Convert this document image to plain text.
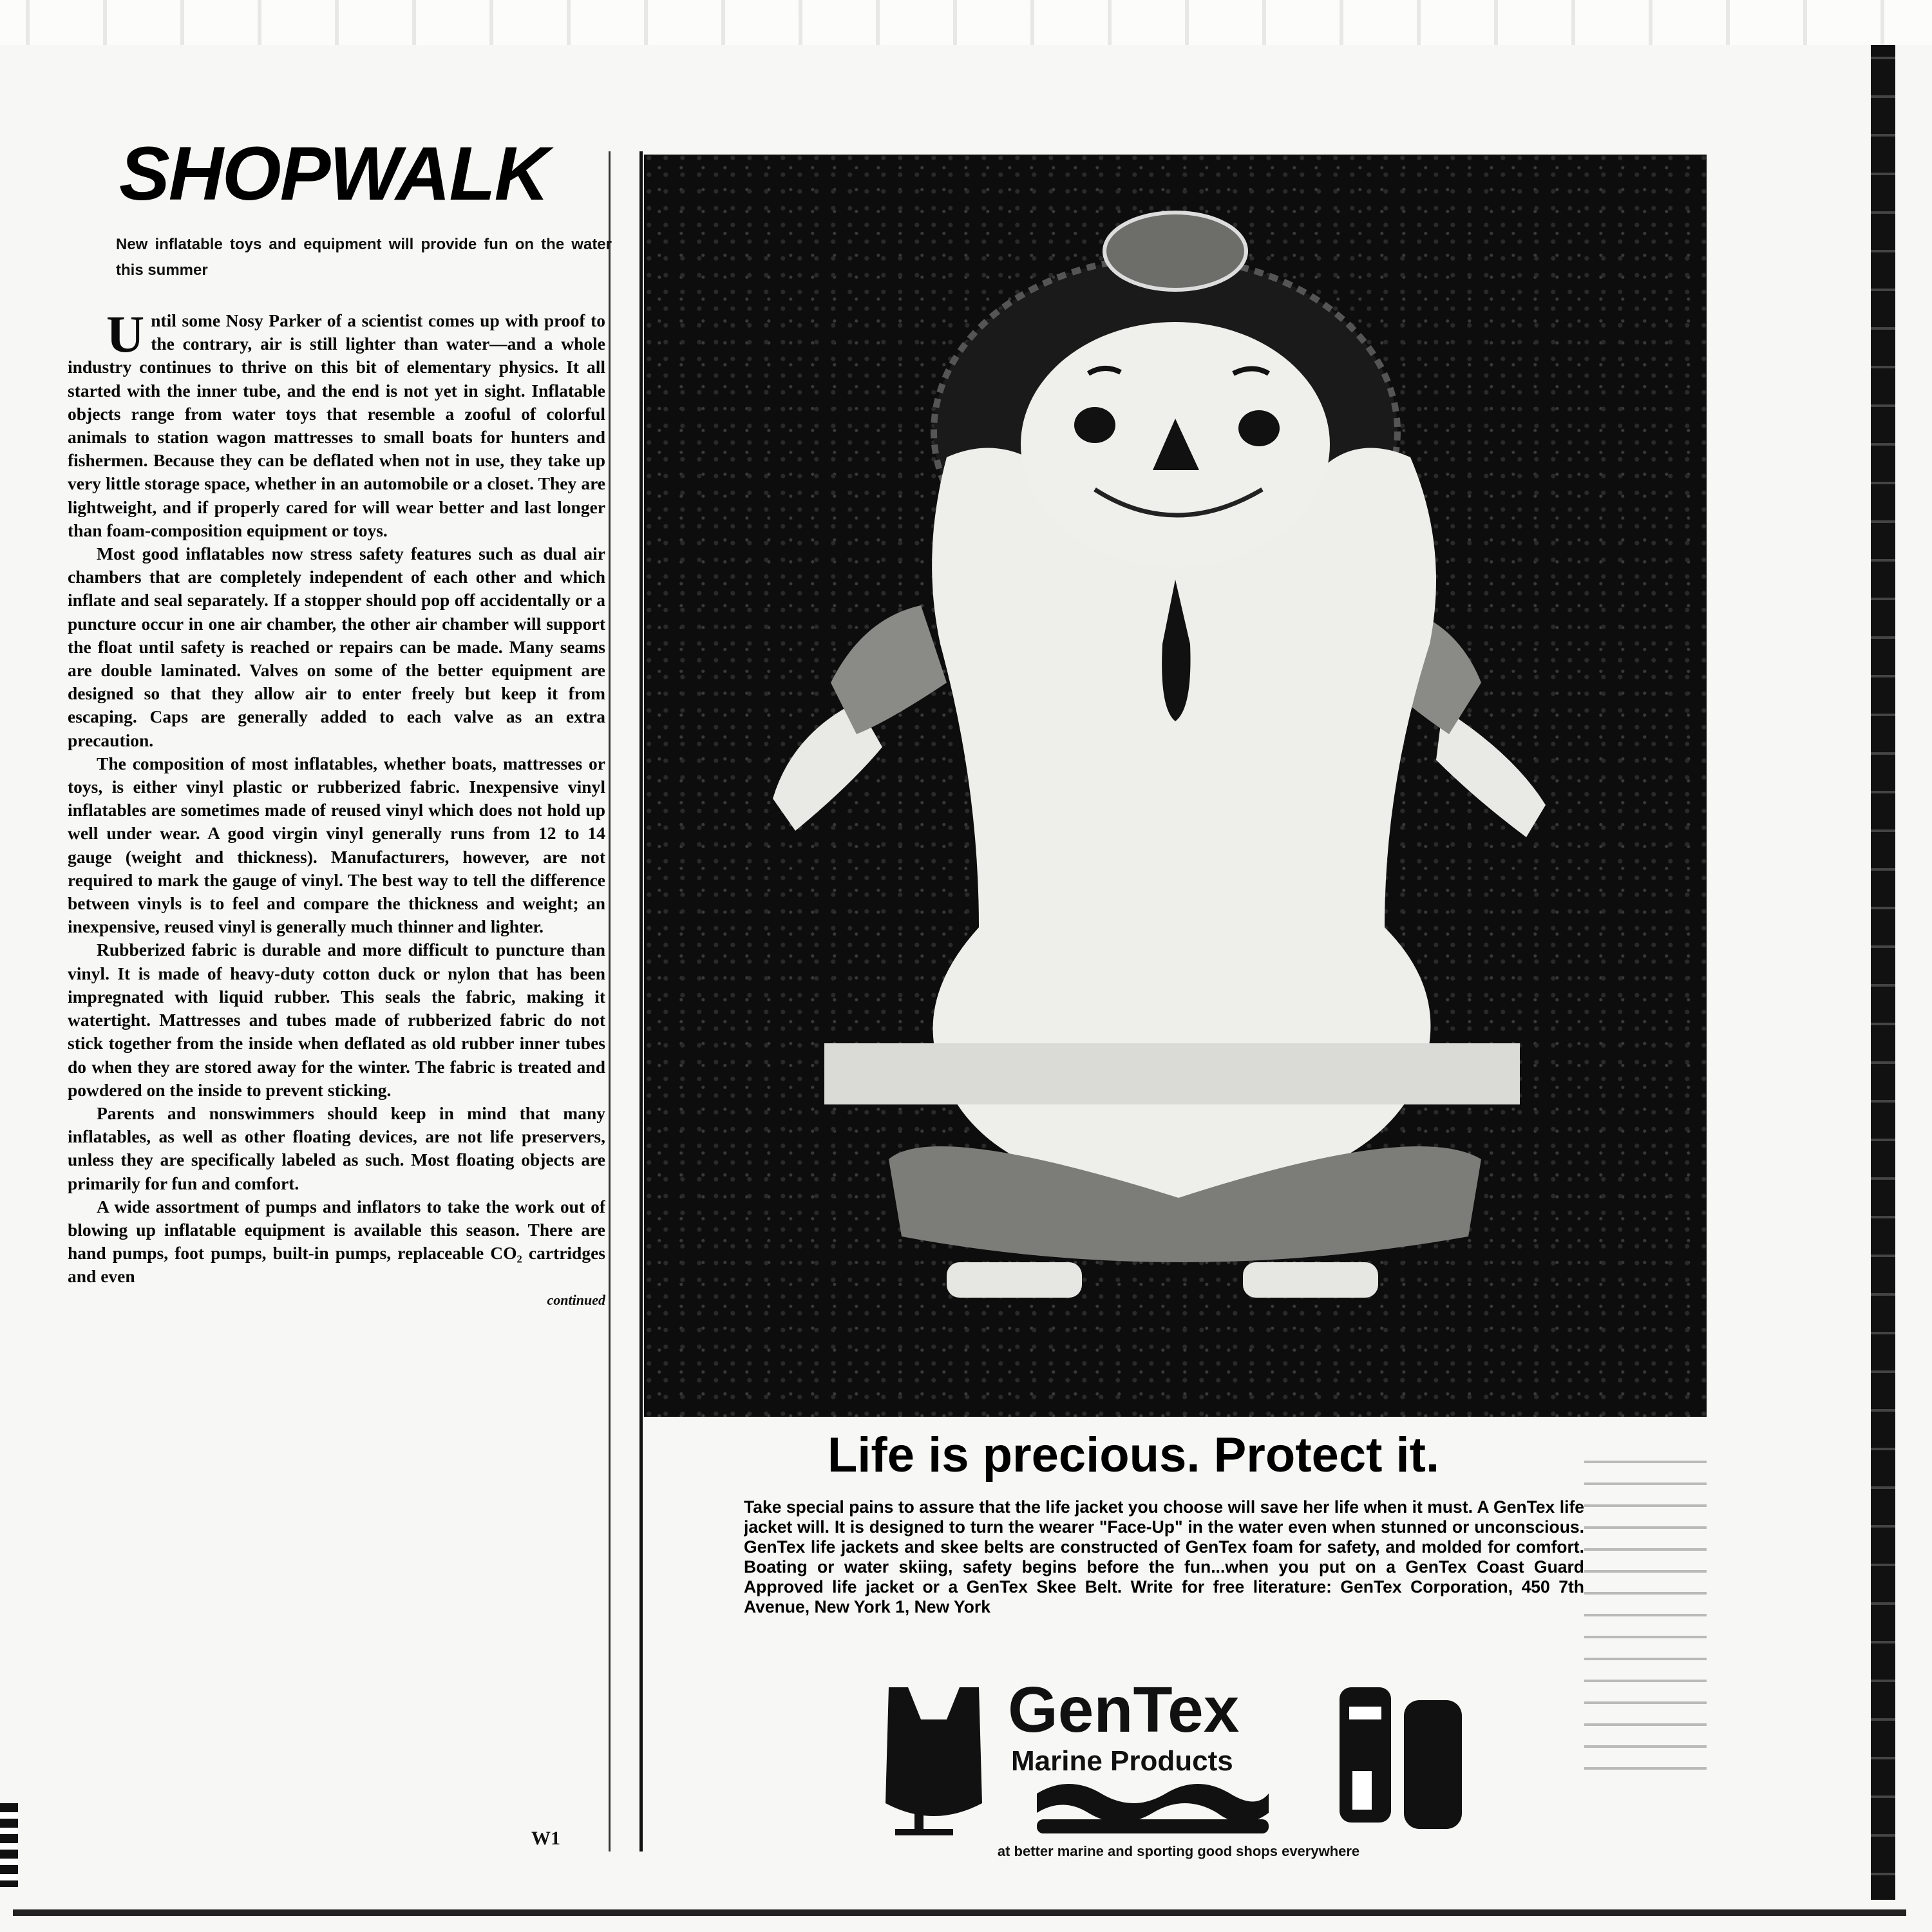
SHOPWALK
New inflatable toys and equipment will provide fun on the water this summer

Until some Nosy Parker of a scientist comes up with proof to the contrary, air is still lighter than water—and a whole industry continues to thrive on this bit of elementary physics. It all started with the inner tube, and the end is not yet in sight. Inflatable objects range from water toys that resemble a zooful of colorful animals to station wagon mattresses to small boats for hunters and fishermen. Because they can be deflated when not in use, they take up very little storage space, whether in an automobile or a closet. They are lightweight, and if properly cared for will wear better and last longer than foam-composition equipment or toys.

Most good inflatables now stress safety features such as dual air chambers that are completely independent of each other and which inflate and seal separately. If a stopper should pop off accidentally or a puncture occur in one air chamber, the other air chamber will support the float until safety is reached or repairs can be made. Many seams are double laminated. Valves on some of the better equipment are designed so that they allow air to enter freely but keep it from escaping. Caps are generally added to each valve as an extra precaution.

The composition of most inflatables, whether boats, mattresses or toys, is either vinyl plastic or rubberized fabric. Inexpensive vinyl inflatables are sometimes made of reused vinyl which does not hold up well under wear. A good virgin vinyl generally runs from 12 to 14 gauge (weight and thickness). Manufacturers, however, are not required to mark the gauge of vinyl. The best way to tell the difference between vinyls is to feel and compare the thickness and weight; an inexpensive, reused vinyl is generally much thinner and lighter.

Rubberized fabric is durable and more difficult to puncture than vinyl. It is made of heavy-duty cotton duck or nylon that has been impregnated with liquid rubber. This seals the fabric, making it watertight. Mattresses and tubes made of rubberized fabric do not stick together from the inside when deflated as old rubber inner tubes do when they are stored away for the winter. The fabric is treated and powdered on the inside to prevent sticking.

Parents and nonswimmers should keep in mind that many inflatables, as well as other floating devices, are not life preservers, unless they are specifically labeled as such. Most floating objects are primarily for fun and comfort.

A wide assortment of pumps and inflators to take the work out of blowing up inflatable equipment is available this season. There are hand pumps, foot pumps, built-in pumps, replaceable CO₂ cartridges and even
continued

W1
Life is precious. Protect it.
Take special pains to assure that the life jacket you choose will save her life when it must. A GenTex life jacket will. It is designed to turn the wearer "Face-Up" in the water even when stunned or unconscious. GenTex life jackets and skee belts are constructed of GenTex foam for safety, and molded for comfort. Boating or water skiing, safety begins before the fun...when you put on a GenTex Coast Guard Approved life jacket or a GenTex Skee Belt. Write for free literature: GenTex Corporation, 450 7th Avenue, New York 1, New York
GenTex
Marine Products
at better marine and sporting good shops everywhere
